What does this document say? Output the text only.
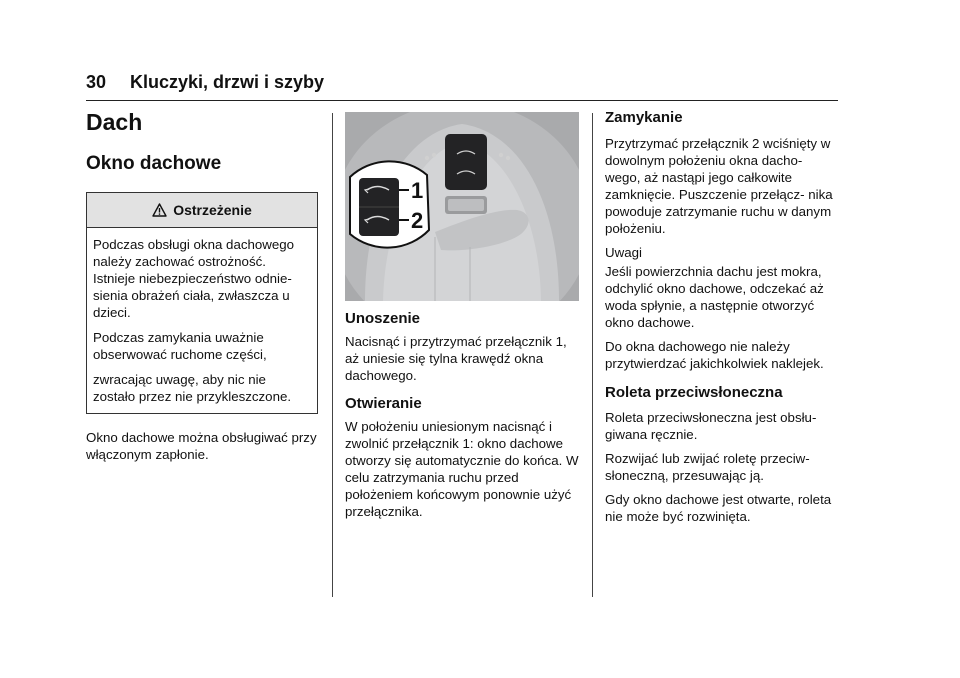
30 Kluczyki, drzwi i szyby
Dach
Okno dachowe
Ostrzeżenie

Podczas obsługi okna dachowego należy zachować ostrożność. Istnieje niebezpieczeństwo odnie- sienia obrażeń ciała, zwłaszcza u dzieci.

Podczas zamykania uważnie obserwować ruchome części,

zwracając uwagę, aby nic nie zostało przez nie przykleszczone.

Okno dachowe można obsługiwać przy włączonym zapłonie.

1
2
Unoszenie

Nacisnąć i przytrzymać przełącznik 1, aż uniesie się tylna krawędź okna dachowego.

Otwieranie

W położeniu uniesionym nacisnąć i zwolnić przełącznik 1: okno dachowe otworzy się automatycznie do końca. W celu zatrzymania ruchu przed położeniem końcowym ponownie użyć przełącznika.

Zamykanie

Przytrzymać przełącznik 2 wciśnięty w dowolnym położeniu okna dacho- wego, aż nastąpi jego całkowite zamknięcie. Puszczenie przełącz- nika powoduje zatrzymanie ruchu w danym położeniu.

Uwagi

Jeśli powierzchnia dachu jest mokra, odchylić okno dachowe, odczekać aż woda spłynie, a następnie otworzyć okno dachowe.

Do okna dachowego nie należy przytwierdzać jakichkolwiek naklejek.

Roleta przeciwsłoneczna

Roleta przeciwsłoneczna jest obsłu- giwana ręcznie.

Rozwijać lub zwijać roletę przeciw- słoneczną, przesuwając ją.

Gdy okno dachowe jest otwarte, roleta nie może być rozwinięta.
